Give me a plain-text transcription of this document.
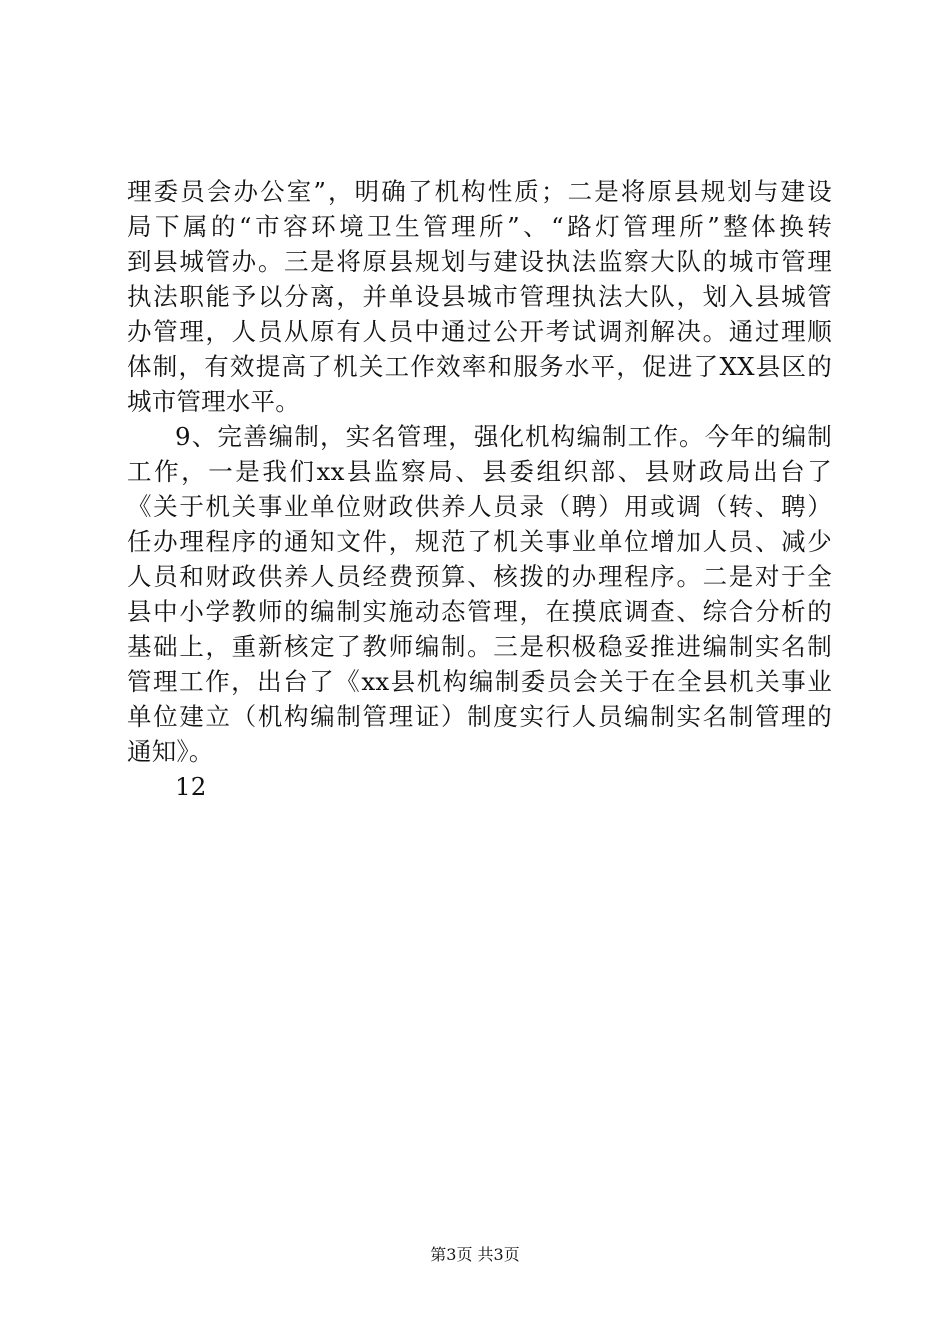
理委员会办公室”，明确了机构性质；二是将原县规划与建设
局下属的“市容环境卫生管理所”、“路灯管理所”整体换转
到县城管办。三是将原县规划与建设执法监察大队的城市管理
执法职能予以分离，并单设县城市管理执法大队，划入县城管
办管理，人员从原有人员中通过公开考试调剂解决。通过理顺
体制，有效提高了机关工作效率和服务水平，促进了XX县区的
城市管理水平。
9、完善编制，实名管理，强化机构编制工作。今年的编制
工作，一是我们xx县监察局、县委组织部、县财政局出台了
《关于机关事业单位财政供养人员录（聘）用或调（转、聘）
任办理程序的通知文件，规范了机关事业单位增加人员、减少
人员和财政供养人员经费预算、核拨的办理程序。二是对于全
县中小学教师的编制实施动态管理，在摸底调查、综合分析的
基础上，重新核定了教师编制。三是积极稳妥推进编制实名制
管理工作，出台了《xx县机构编制委员会关于在全县机关事业
单位建立（机构编制管理证）制度实行人员编制实名制管理的
通知》。
12
第3页 共3页
